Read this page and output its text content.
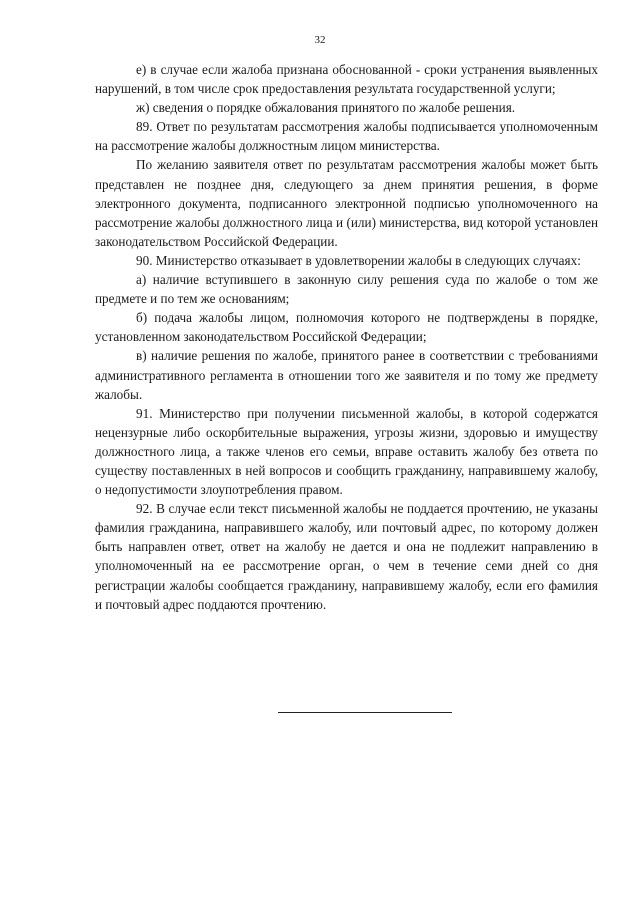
32

е) в случае если жалоба признана обоснованной - сроки устранения выявленных нарушений, в том числе срок предоставления результата государственной услуги;

ж) сведения о порядке обжалования принятого по жалобе решения.

89. Ответ по результатам рассмотрения жалобы подписывается уполномоченным на рассмотрение жалобы должностным лицом министерства.

По желанию заявителя ответ по результатам рассмотрения жалобы может быть представлен не позднее дня, следующего за днем принятия решения, в форме электронного документа, подписанного электронной подписью уполномоченного на рассмотрение жалобы должностного лица и (или) министерства, вид которой установлен законодательством Российской Федерации.

90. Министерство отказывает в удовлетворении жалобы в следующих случаях:

а) наличие вступившего в законную силу решения суда по жалобе о том же предмете и по тем же основаниям;

б) подача жалобы лицом, полномочия которого не подтверждены в порядке, установленном законодательством Российской Федерации;

в) наличие решения по жалобе, принятого ранее в соответствии с требованиями административного регламента в отношении того же заявителя и по тому же предмету жалобы.

91. Министерство при получении письменной жалобы, в которой содержатся нецензурные либо оскорбительные выражения, угрозы жизни, здоровью и имуществу должностного лица, а также членов его семьи, вправе оставить жалобу без ответа по существу поставленных в ней вопросов и сообщить гражданину, направившему жалобу, о недопустимости злоупотребления правом.

92. В случае если текст письменной жалобы не поддается прочтению, не указаны фамилия гражданина, направившего жалобу, или почтовый адрес, по которому должен быть направлен ответ, ответ на жалобу не дается и она не подлежит направлению в уполномоченный на ее рассмотрение орган, о чем в течение семи дней со дня регистрации жалобы сообщается гражданину, направившему жалобу, если его фамилия и почтовый адрес поддаются прочтению.
